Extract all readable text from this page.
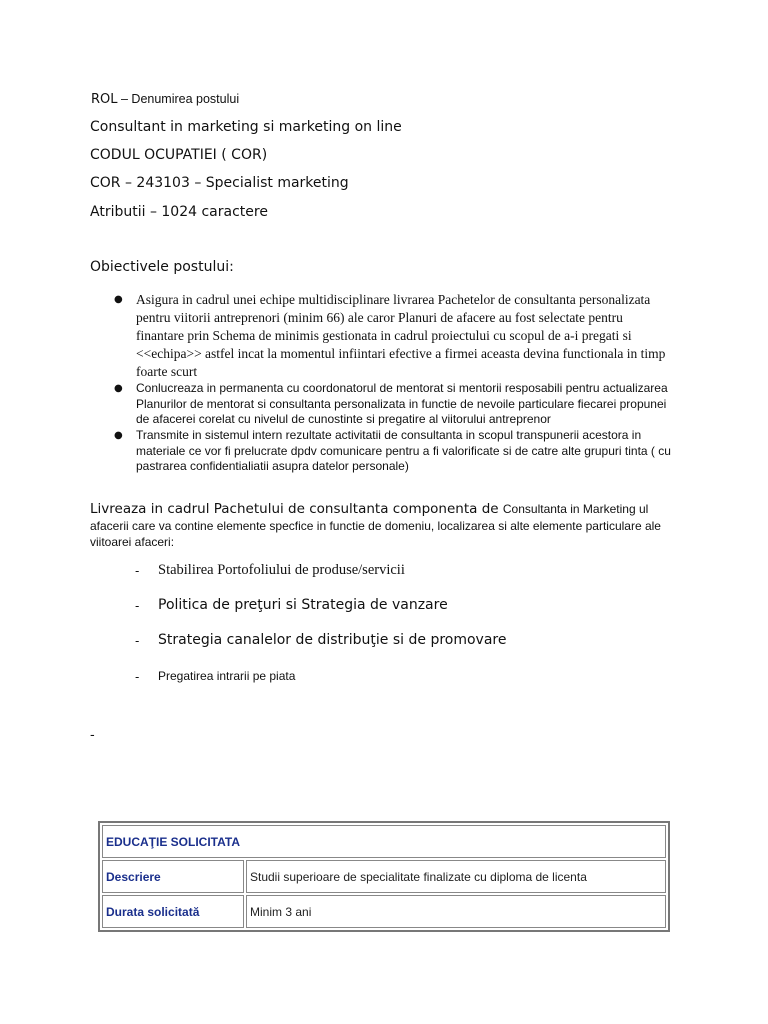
ROL – Denumirea postului
Consultant in marketing si marketing on line
CODUL OCUPATIEI ( COR)
COR – 243103 – Specialist marketing
Atributii – 1024 caractere
Obiectivele postului:
● Asigura in cadrul unei echipe multidisciplinare livrarea Pachetelor de consultanta personalizata pentru viitorii antreprenori (minim 66) ale caror Planuri de afacere au fost selectate pentru finantare prin Schema de minimis gestionata in cadrul proiectului cu scopul de a-i pregati si <<echipa>> astfel incat la momentul infiintari efective a firmei aceasta devina functionala in timp foarte scurt
● Conlucreaza in permanenta cu coordonatorul de mentorat si mentorii resposabili pentru actualizarea Planurilor de mentorat si consultanta personalizata in functie de nevoile particulare fiecarei propunei de afacerei corelat cu nivelul de cunostinte si pregatire al viitorului antreprenor
● Transmite in sistemul intern rezultate activitatii de consultanta in scopul transpunerii acestora in materiale ce vor fi prelucrate dpdv comunicare pentru a fi valorificate si de catre alte grupuri tinta ( cu pastrarea confidentialiatii asupra datelor personale)
Livreaza in cadrul Pachetului de consultanta componenta de Consultanta in Marketing ul afacerii care va contine elemente specfice in functie de domeniu, localizarea si alte elemente particulare ale viitoarei afaceri:
- Stabilirea Portofoliului de produse/servicii
- Politica de preţuri si Strategia de vanzare
- Strategia canalelor de distribuţie si de promovare
- Pregatirea intrarii pe piata
-
EDUCAŢIE SOLICITATA	
Descriere	Studii superioare de specialitate finalizate cu diploma de licenta
Durata solicitată	Minim 3 ani
